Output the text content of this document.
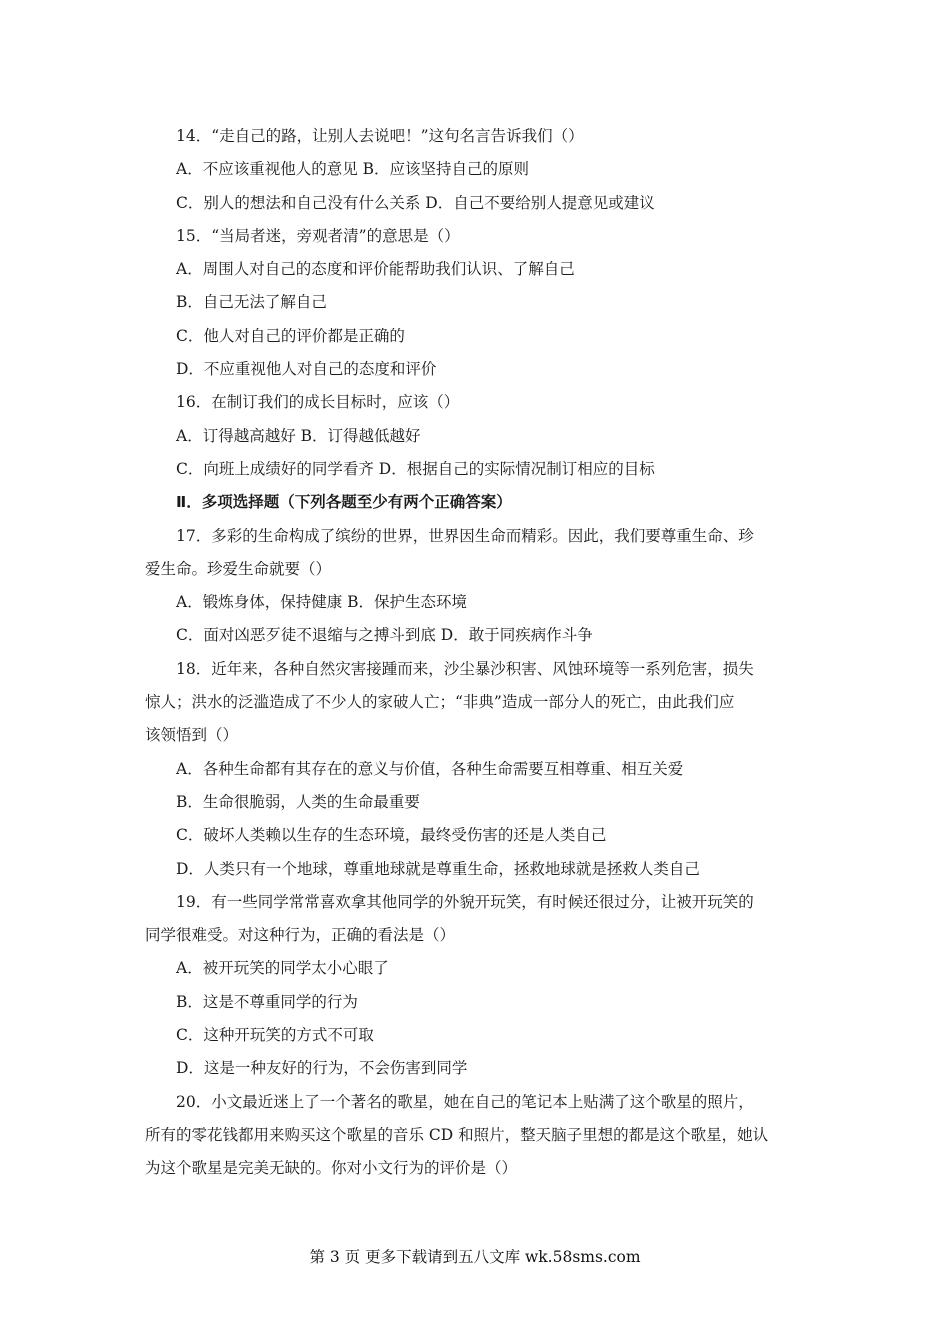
14．“走自己的路，让别人去说吧！”这句名言告诉我们（）
A．不应该重视他人的意见 B．应该坚持自己的原则
C．别人的想法和自己没有什么关系 D．自己不要给别人提意见或建议
15．“当局者迷，旁观者清”的意思是（）
A．周围人对自己的态度和评价能帮助我们认识、了解自己
B．自己无法了解自己
C．他人对自己的评价都是正确的
D．不应重视他人对自己的态度和评价
16．在制订我们的成长目标时，应该（）
A．订得越高越好 B．订得越低越好
C．向班上成绩好的同学看齐 D．根据自己的实际情况制订相应的目标
Ⅱ．多项选择题（下列各题至少有两个正确答案）
17．多彩的生命构成了缤纷的世界，世界因生命而精彩。因此，我们要尊重生命、珍
爱生命。珍爱生命就要（）
A．锻炼身体，保持健康 B．保护生态环境
C．面对凶恶歹徒不退缩与之搏斗到底 D．敢于同疾病作斗争
18．近年来，各种自然灾害接踵而来，沙尘暴沙积害、风蚀环境等一系列危害，损失
惊人；洪水的泛滥造成了不少人的家破人亡；“非典”造成一部分人的死亡，由此我们应
该领悟到（）
A．各种生命都有其存在的意义与价值，各种生命需要互相尊重、相互关爱
B．生命很脆弱，人类的生命最重要
C．破坏人类赖以生存的生态环境，最终受伤害的还是人类自己
D．人类只有一个地球，尊重地球就是尊重生命，拯救地球就是拯救人类自己
19．有一些同学常常喜欢拿其他同学的外貌开玩笑，有时候还很过分，让被开玩笑的
同学很难受。对这种行为，正确的看法是（）
A．被开玩笑的同学太小心眼了
B．这是不尊重同学的行为
C．这种开玩笑的方式不可取
D．这是一种友好的行为，不会伤害到同学
20．小文最近迷上了一个著名的歌星，她在自己的笔记本上贴满了这个歌星的照片，
所有的零花钱都用来购买这个歌星的音乐 CD 和照片，整天脑子里想的都是这个歌星，她认
为这个歌星是完美无缺的。你对小文行为的评价是（）
第 3 页 更多下载请到五八文库 wk.58sms.com
